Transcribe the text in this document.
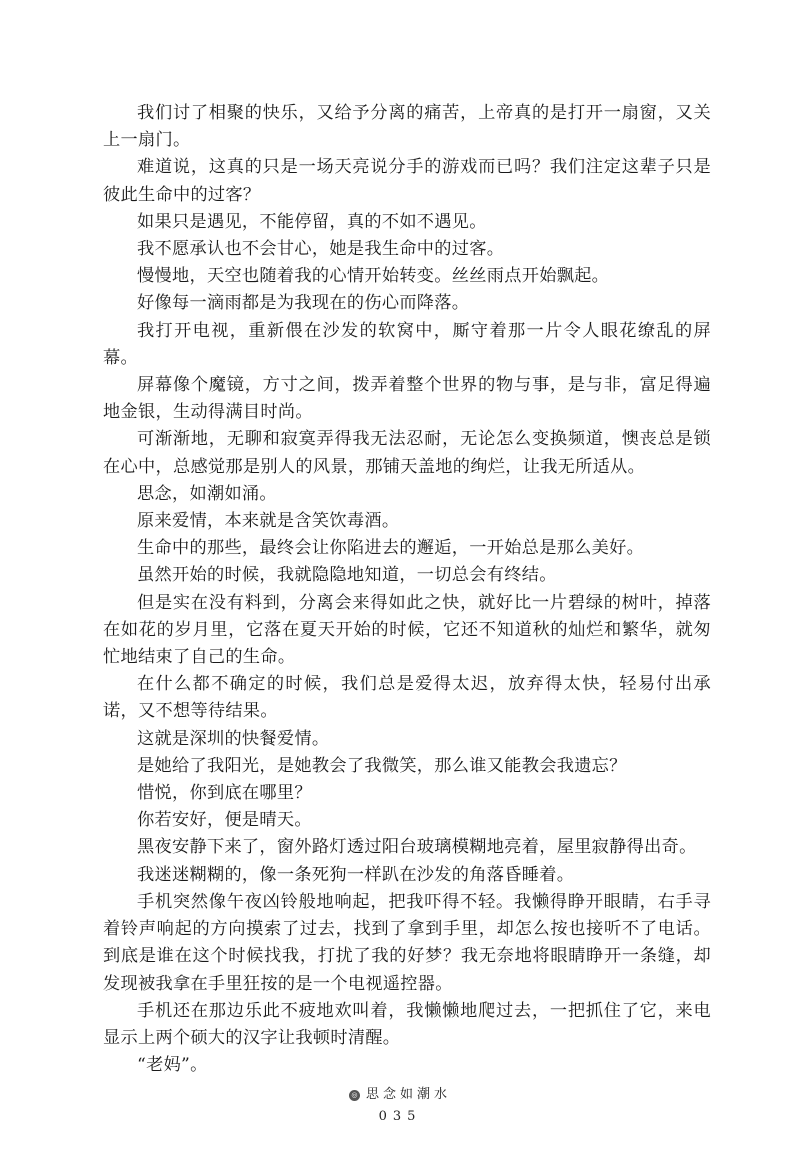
我们讨了相聚的快乐，又给予分离的痛苦，上帝真的是打开一扇窗，又关上一扇门。

难道说，这真的只是一场天亮说分手的游戏而已吗？我们注定这辈子只是彼此生命中的过客？

如果只是遇见，不能停留，真的不如不遇见。

我不愿承认也不会甘心，她是我生命中的过客。

慢慢地，天空也随着我的心情开始转变。丝丝雨点开始飘起。

好像每一滴雨都是为我现在的伤心而降落。

我打开电视，重新偎在沙发的软窝中，厮守着那一片令人眼花缭乱的屏幕。

屏幕像个魔镜，方寸之间，拨弄着整个世界的物与事，是与非，富足得遍地金银，生动得满目时尚。

可渐渐地，无聊和寂寞弄得我无法忍耐，无论怎么变换频道，懊丧总是锁在心中，总感觉那是别人的风景，那铺天盖地的绚烂，让我无所适从。

思念，如潮如涌。

原来爱情，本来就是含笑饮毒酒。

生命中的那些，最终会让你陷进去的邂逅，一开始总是那么美好。

虽然开始的时候，我就隐隐地知道，一切总会有终结。

但是实在没有料到，分离会来得如此之快，就好比一片碧绿的树叶，掉落在如花的岁月里，它落在夏天开始的时候，它还不知道秋的灿烂和繁华，就匆忙地结束了自己的生命。

在什么都不确定的时候，我们总是爱得太迟，放弃得太快，轻易付出承诺，又不想等待结果。

这就是深圳的快餐爱情。

是她给了我阳光，是她教会了我微笑，那么谁又能教会我遗忘？

惜悦，你到底在哪里？

你若安好，便是晴天。

黑夜安静下来了，窗外路灯透过阳台玻璃模糊地亮着，屋里寂静得出奇。

我迷迷糊糊的，像一条死狗一样趴在沙发的角落昏睡着。

手机突然像午夜凶铃般地响起，把我吓得不轻。我懒得睁开眼睛，右手寻着铃声响起的方向摸索了过去，找到了拿到手里，却怎么按也接听不了电话。到底是谁在这个时候找我，打扰了我的好梦？我无奈地将眼睛睁开一条缝，却发现被我拿在手里狂按的是一个电视遥控器。

手机还在那边乐此不疲地欢叫着，我懒懒地爬过去，一把抓住了它，来电显示上两个硕大的汉字让我顿时清醒。

“老妈”。

◎ 思念如潮水
035
